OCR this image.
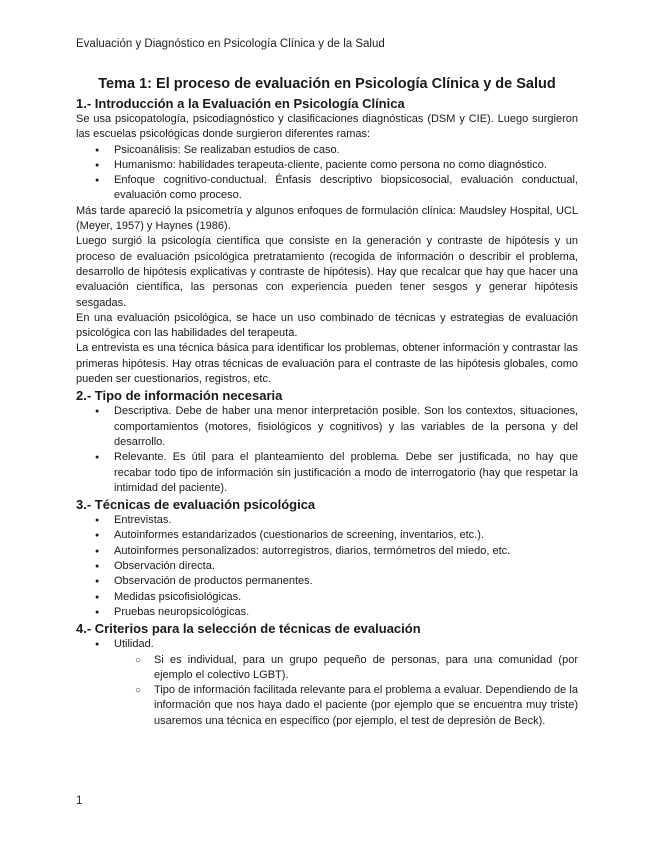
Evaluación y Diagnóstico en Psicología Clínica y de la Salud
Tema 1: El proceso de evaluación en Psicología Clínica y de Salud
1.- Introducción a la Evaluación en Psicología Clínica

Se usa psicopatología, psicodiagnóstico y clasificaciones diagnósticas (DSM y CIE). Luego surgieron las escuelas psicológicas donde surgieron diferentes ramas:

● Psicoanálisis: Se realizaban estudios de caso.
● Humanismo: habilidades terapeuta-cliente, paciente como persona no como diagnóstico.
● Enfoque cognitivo-conductual. Énfasis descriptivo biopsicosocial, evaluación conductual, evaluación como proceso.

Más tarde apareció la psicometría y algunos enfoques de formulación clínica: Maudsley Hospital, UCL (Meyer, 1957) y Haynes (1986).

Luego surgió la psicología científica que consiste en la generación y contraste de hipótesis y un proceso de evaluación psicológica pretratamiento (recogida de información o describir el problema, desarrollo de hipótesis explicativas y contraste de hipótesis). Hay que recalcar que hay que hacer una evaluación científica, las personas con experiencia pueden tener sesgos y generar hipótesis sesgadas.

En una evaluación psicológica, se hace un uso combinado de técnicas y estrategias de evaluación psicológica con las habilidades del terapeuta.

La entrevista es una técnica básica para identificar los problemas, obtener información y contrastar las primeras hipótesis. Hay otras técnicas de evaluación para el contraste de las hipótesis globales, como pueden ser cuestionarios, registros, etc.

2.- Tipo de información necesaria
● Descriptiva. Debe de haber una menor interpretación posible. Son los contextos, situaciones, comportamientos (motores, fisiológicos y cognitivos) y las variables de la persona y del desarrollo.
● Relevante. Es útil para el planteamiento del problema. Debe ser justificada, no hay que recabar todo tipo de información sin justificación a modo de interrogatorio (hay que respetar la intimidad del paciente).
3.- Técnicas de evaluación psicológica
● Entrevistas.
● Autoinformes estandarizados (cuestionarios de screening, inventarios, etc.).
● Autoinformes personalizados: autorregistros, diarios, termómetros del miedo, etc.
● Observación directa.
● Observación de productos permanentes.
● Medidas psicofisiológicas.
● Pruebas neuropsicológicas.
4.- Criterios para la selección de técnicas de evaluación
● Utilidad.
○ Si es individual, para un grupo pequeño de personas, para una comunidad (por ejemplo el colectivo LGBT).
○ Tipo de información facilitada relevante para el problema a evaluar. Dependiendo de la información que nos haya dado el paciente (por ejemplo que se encuentra muy triste) usaremos una técnica en específico (por ejemplo, el test de depresión de Beck).
1
